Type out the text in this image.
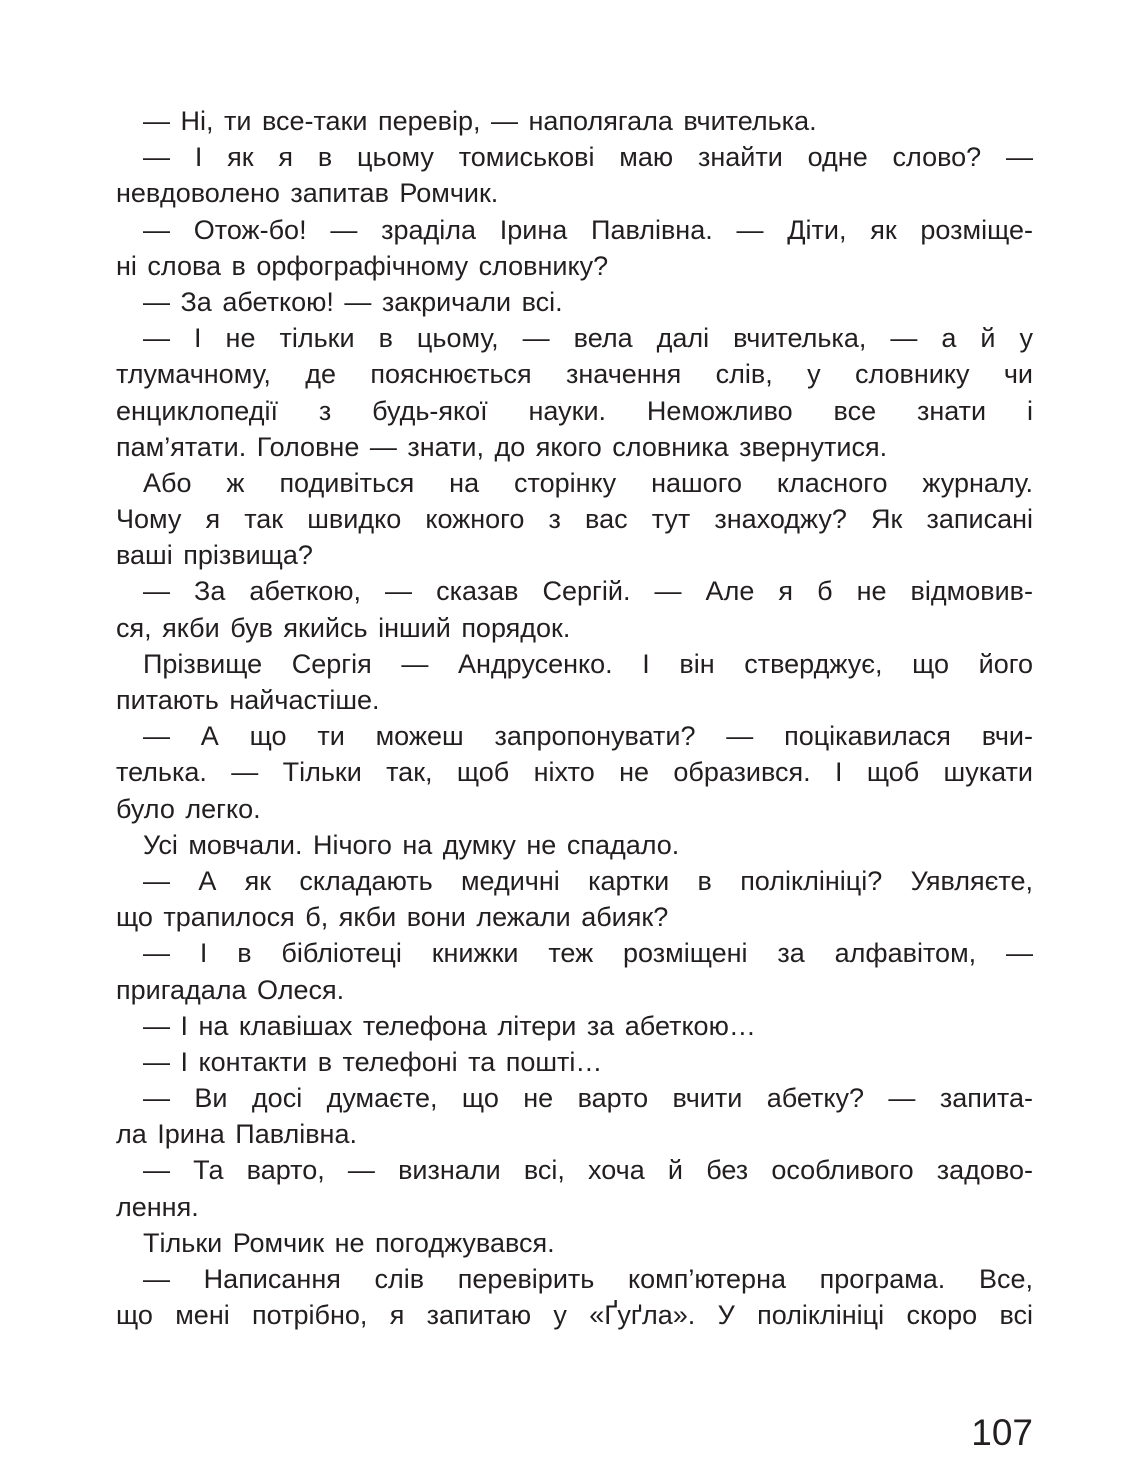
— Ні, ти все-таки перевір, — наполягала вчителька.
— І як я в цьому томиськові маю знайти одне слово? —
невдоволено запитав Ромчик.
— Отож-бо! — зраділа Ірина Павлівна. — Діти, як розміще-
ні слова в орфографічному словнику?
— За абеткою! — закричали всі.
— І не тільки в цьому, — вела далі вчителька, — а й у
тлумачному, де пояснюється значення слів, у словнику чи
енциклопедії з будь-якої науки. Неможливо все знати і
пам’ятати. Головне — знати, до якого словника звернутися.
Або ж подивіться на сторінку нашого класного журналу.
Чому я так швидко кожного з вас тут знаходжу? Як записані
ваші прізвища?
— За абеткою, — сказав Сергій. — Але я б не відмовив-
ся, якби був якийсь інший порядок.
Прізвище Сергія — Андрусенко. І він стверджує, що його
питають найчастіше.
— А що ти можеш запропонувати? — поцікавилася вчи-
телька. — Тільки так, щоб ніхто не образився. І щоб шукати
було легко.
Усі мовчали. Нічого на думку не спадало.
— А як складають медичні картки в поліклініці? Уявляєте,
що трапилося б, якби вони лежали абияк?
— І в бібліотеці книжки теж розміщені за алфавітом, —
пригадала Олеся.
— І на клавішах телефона літери за абеткою…
— І контакти в телефоні та пошті…
— Ви досі думаєте, що не варто вчити абетку? — запита-
ла Ірина Павлівна.
— Та варто, — визнали всі, хоча й без особливого задово-
лення.
Тільки Ромчик не погоджувався.
— Написання слів перевірить комп’ютерна програма. Все,
що мені потрібно, я запитаю у «Ґуґла». У поліклініці скоро всі
107
